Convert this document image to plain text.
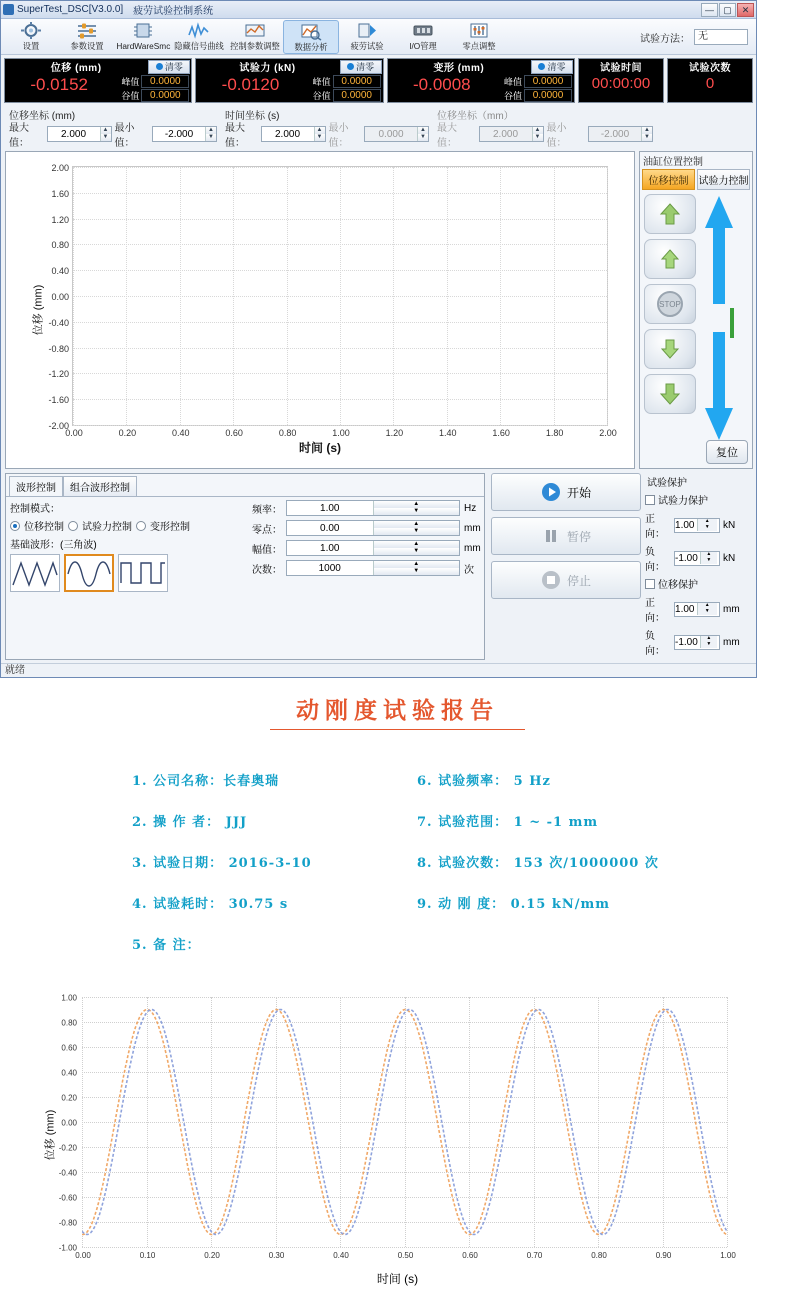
SuperTest_DSC[V3.0.0] 疲劳试验控制系统	—	▢	✕
设置	参数设置 HardWareSmc 隐藏信号曲线 控制参数调整 数据分析	疲劳试验	I/O管理	零点调整
试验方法： 无
位移 (mm)	清零
-0.0152	峰值	0.0000
谷值	0.0000
试验力 (kN)	清零
-0.0120	峰值	0.0000
谷值	0.0000
变形 (mm)	清零
-0.0008	峰值	0.0000
谷值	0.0000
试验时间
00:00:00
试验次数
0
位移坐标 (mm)
最大值：
2.000
▲
▼
最小值：
-2.000
▲
▼
时间坐标 (s)
最大值：
2.000
▲
▼
最小值：
0.000
▲
▼
位移坐标（mm）
最大值：
2.000
▲
▼
最小值：
-2.000
▲
▼
2.00
1.60
1.20
0.80
0.40
0.00
-0.40
-0.80
-1.20
-1.60
-2.00
0.00	0.20	0.40	0.60	0.80	1.00	1.20	1.40	1.60	1.80	2.00
位移 (mm)
时间 (s)
油缸位置控制
位移控制	试验力控制
STOP
复位
波形控制	组合波形控制
控制模式：
位移控制 试验力控制 变形控制
基础波形：(三角波)
频率：	1.00	▲
▼	Hz
零点：	0.00	▲
▼	mm
幅值：	1.00	▲
▼	mm
次数：	1000	▲
▼	次
开始
暂停
停止
试验保护
试验力保护
正向：
1.00	▲
▼	kN
负向：
-1.00	▲
▼	kN
位移保护
正向：
1.00	▲
▼	mm
负向：
-1.00	▲
▼	mm
就绪
动刚度试验报告
1. 公司名称：长春奥瑞	6. 试验频率： 5 Hz
2. 操 作 者： JJJ	7. 试验范围： 1 ~ -1 mm
3. 试验日期： 2016-3-10	8. 试验次数： 153 次/1000000 次
4. 试验耗时： 30.75 s	9. 动 刚 度： 0.15 kN/mm
5. 备 注：
1.00
0.80
0.60
0.40
0.20
0.00
-0.20
-0.40
-0.60
-0.80
-1.00
0.00	0.10	0.20	0.30	0.40	0.50	0.60	0.70	0.80	0.90	1.00
位移 (mm)
时间 (s)
